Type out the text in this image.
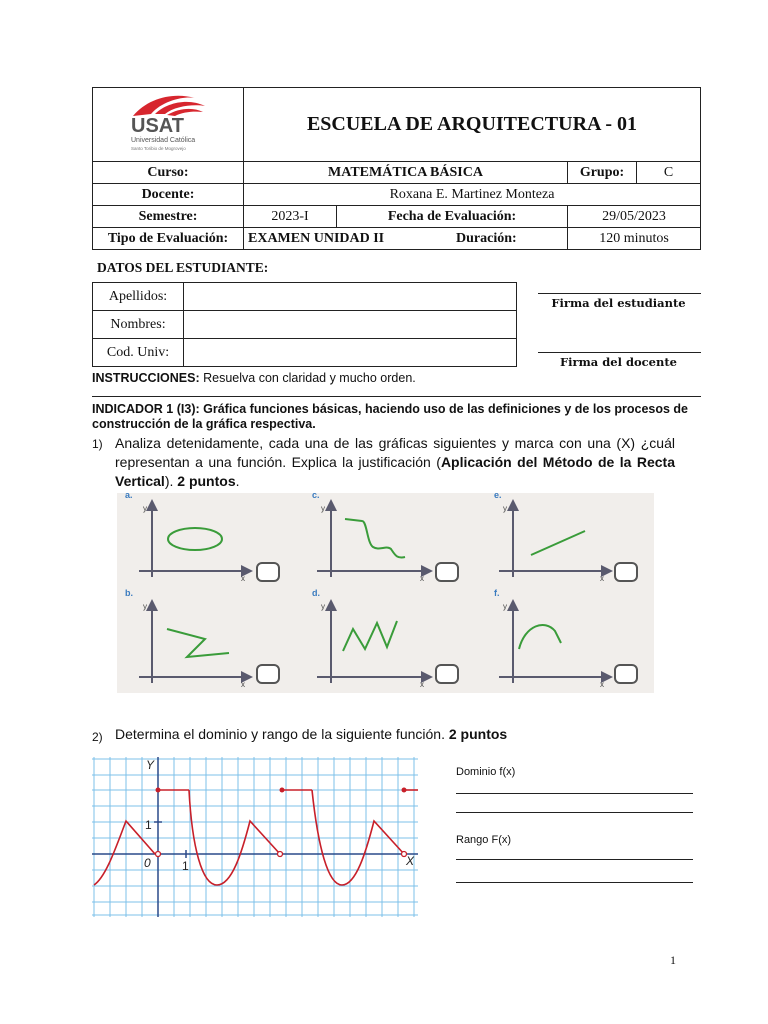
USAT
Universidad Católica
Santo Toribio de Mogrovejo	ESCUELA DE ARQUITECTURA - 01			
Curso:	MATEMÁTICA BÁSICA		Grupo:	C
Docente:	Roxana E. Martinez Monteza			
Semestre:	2023-I	Fecha de Evaluación:	29/05/2023	
Tipo de Evaluación:	EXAMEN UNIDAD II Duración:		120 minutos	
DATOS DEL ESTUDIANTE:
Apellidos:	
Nombres:	
Cod. Univ:	
Firma del estudiante
Firma del docente
INSTRUCCIONES: Resuelva con claridad y mucho orden.
INDICADOR 1 (I3): Gráfica funciones básicas, haciendo uso de las definiciones y de los procesos de construcción de la gráfica respectiva.
1) Analiza detenidamente, cada una de las gráficas siguientes y marca con una (X) ¿cuál representan a una función. Explica la justificación (Aplicación del Método de la Recta Vertical). 2 puntos.
a.
y
x
c.
y
x
e.
y
x
b.
y
x
d.
y
x
f.
y
x
2) Determina el dominio y rango de la siguiente función. 2 puntos
Y
X
1
0	1
Dominio f(x)
Rango F(x)
1
